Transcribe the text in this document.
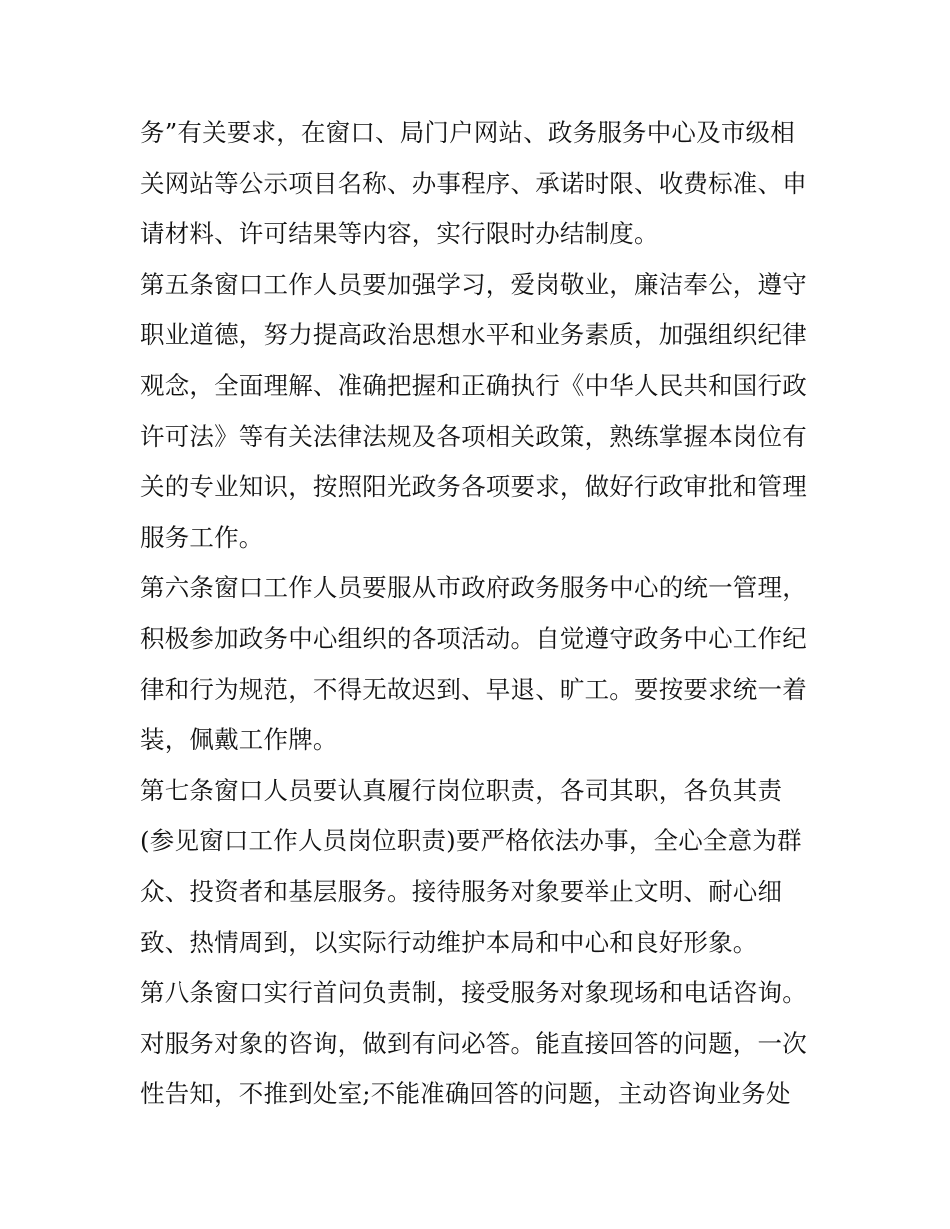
务”有关要求，在窗口、局门户网站、政务服务中心及市级相
关网站等公示项目名称、办事程序、承诺时限、收费标准、申
请材料、许可结果等内容，实行限时办结制度。
第五条窗口工作人员要加强学习，爱岗敬业，廉洁奉公，遵守
职业道德，努力提高政治思想水平和业务素质，加强组织纪律
观念，全面理解、准确把握和正确执行《中华人民共和国行政
许可法》等有关法律法规及各项相关政策，熟练掌握本岗位有
关的专业知识，按照阳光政务各项要求，做好行政审批和管理
服务工作。
第六条窗口工作人员要服从市政府政务服务中心的统一管理，
积极参加政务中心组织的各项活动。自觉遵守政务中心工作纪
律和行为规范，不得无故迟到、早退、旷工。要按要求统一着
装，佩戴工作牌。
第七条窗口人员要认真履行岗位职责，各司其职，各负其责
(参见窗口工作人员岗位职责)要严格依法办事，全心全意为群
众、投资者和基层服务。接待服务对象要举止文明、耐心细
致、热情周到，以实际行动维护本局和中心和良好形象。
第八条窗口实行首问负责制，接受服务对象现场和电话咨询。
对服务对象的咨询，做到有问必答。能直接回答的问题，一次
性告知，不推到处室;不能准确回答的问题，主动咨询业务处
